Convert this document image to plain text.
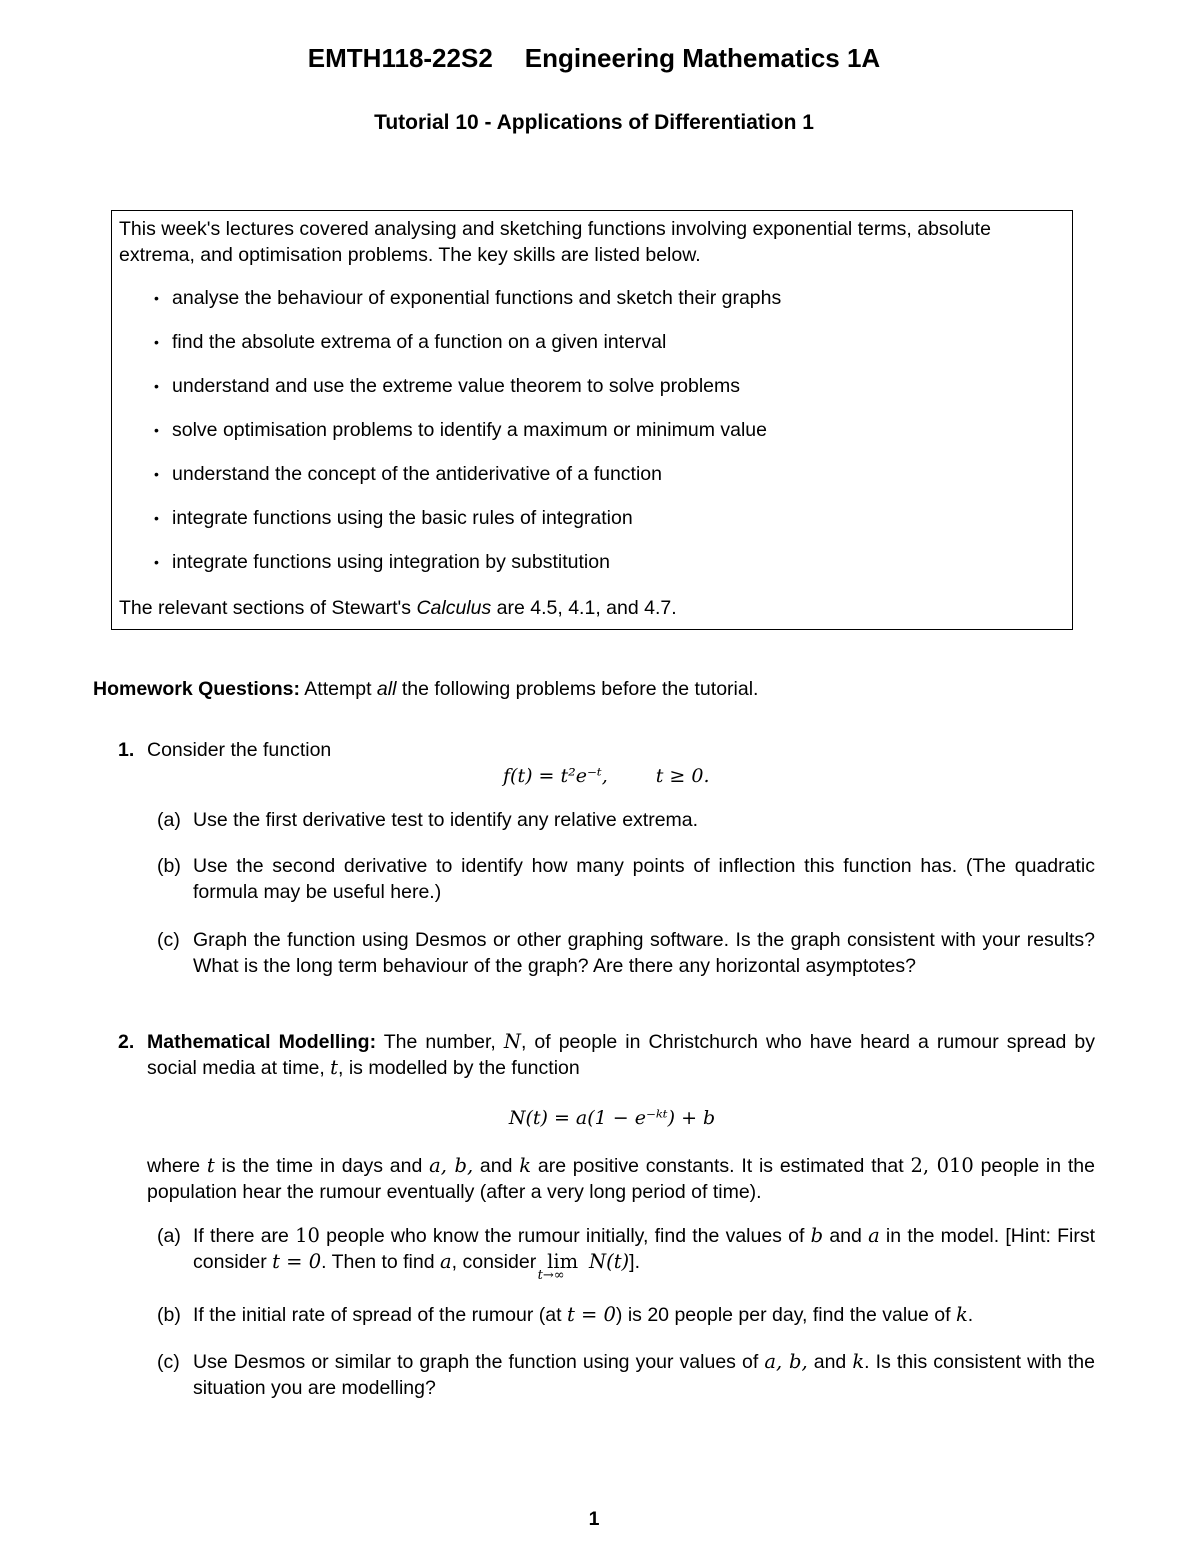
EMTH118-22S2 Engineering Mathematics 1A
Tutorial 10 - Applications of Differentiation 1

This week's lectures covered analysing and sketching functions involving exponential terms, absolute extrema, and optimisation problems. The key skills are listed below.

• analyse the behaviour of exponential functions and sketch their graphs
• find the absolute extrema of a function on a given interval
• understand and use the extreme value theorem to solve problems
• solve optimisation problems to identify a maximum or minimum value
• understand the concept of the antiderivative of a function
• integrate functions using the basic rules of integration
• integrate functions using integration by substitution

The relevant sections of Stewart's Calculus are 4.5, 4.1, and 4.7.

Homework Questions: Attempt all the following problems before the tutorial.
1. Consider the function
f(t) = t²e⁻ᵗ,	t ≥ 0.
(a) Use the first derivative test to identify any relative extrema.
(b) Use the second derivative to identify how many points of inflection this function has. (The quadratic formula may be useful here.)
(c) Graph the function using Desmos or other graphing software. Is the graph consistent with your results? What is the long term behaviour of the graph? Are there any horizontal asymptotes?
2. Mathematical Modelling: The number, N, of people in Christchurch who have heard a rumour spread by social media at time, t, is modelled by the function
N(t) = a(1 − e⁻ᵏᵗ) + b
where t is the time in days and a, b, and k are positive constants. It is estimated that 2, 010 people in the population hear the rumour eventually (after a very long period of time).
(a) If there are 10 people who know the rumour initially, find the values of b and a in the model. [Hint: First consider t = 0. Then to find a, consider lim
t→∞
N(t)].
(b) If the initial rate of spread of the rumour (at t = 0) is 20 people per day, find the value of k.
(c) Use Desmos or similar to graph the function using your values of a, b, and k. Is this consistent with the situation you are modelling?
1
